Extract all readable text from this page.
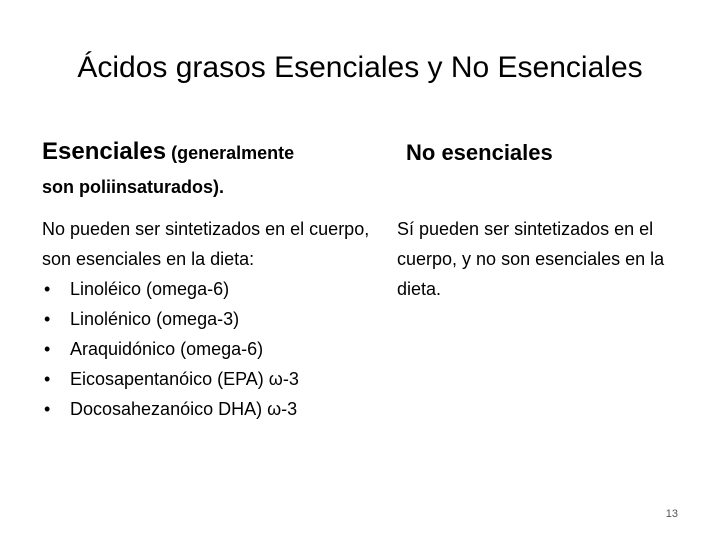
Ácidos grasos Esenciales y No Esenciales
Esenciales (generalmente
son poliinsaturados).
No esenciales
No pueden ser sintetizados en el cuerpo, son esenciales en la dieta:
• Linoléico (omega-6)
• Linolénico (omega-3)
• Araquidónico (omega-6)
• Eicosapentanóico (EPA) ω-3
• Docosahezanóico DHA) ω-3
Sí pueden ser sintetizados en el cuerpo, y no son esenciales en la dieta.
13
